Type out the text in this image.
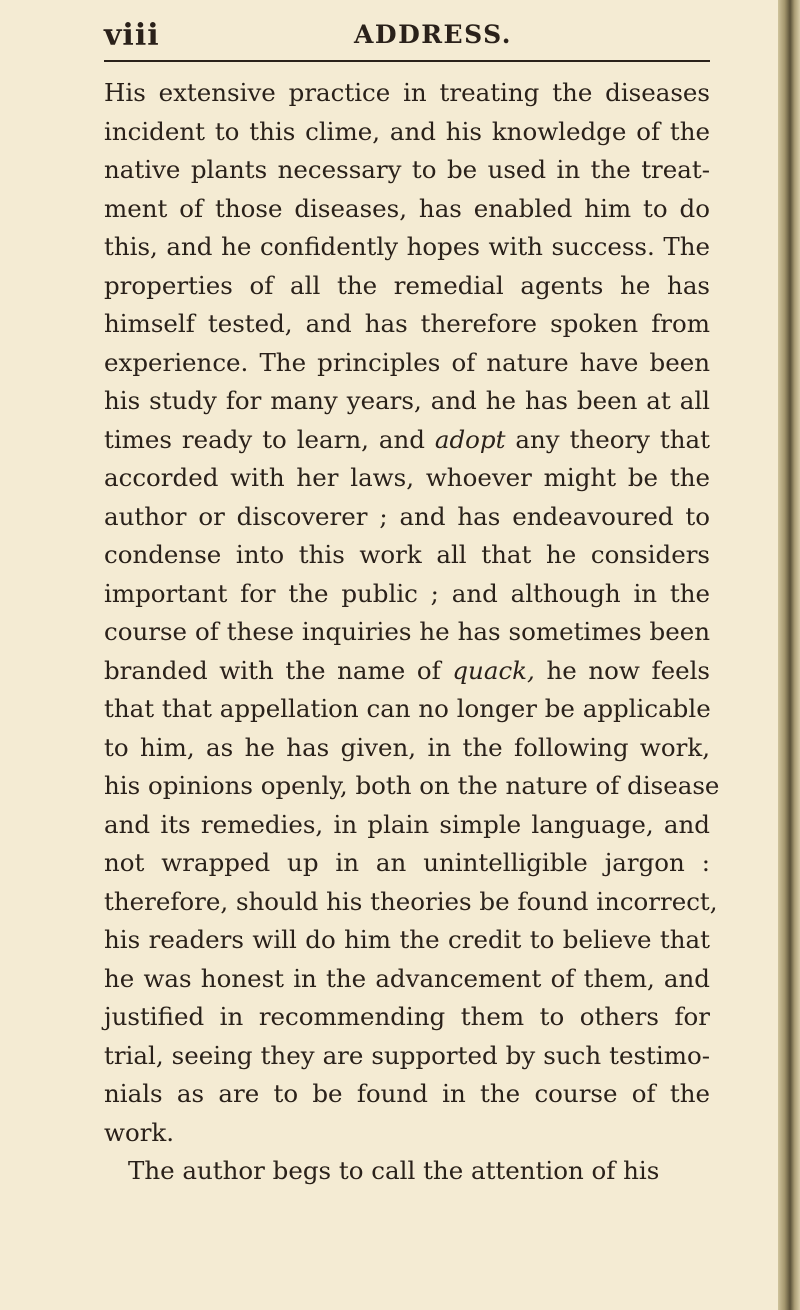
viii	ADDRESS.
His extensive practice in treating the diseases
incident to this clime, and his knowledge of the
native plants necessary to be used in the treat-
ment of those diseases, has enabled him to do
this, and he confidently hopes with success. The
properties of all the remedial agents he has
himself tested, and has therefore spoken from
experience. The principles of nature have been
his study for many years, and he has been at all
times ready to learn, and adopt any theory that
accorded with her laws, whoever might be the
author or discoverer ; and has endeavoured to
condense into this work all that he considers
important for the public ; and although in the
course of these inquiries he has sometimes been
branded with the name of quack, he now feels
that that appellation can no longer be applicable
to him, as he has given, in the following work,
his opinions openly, both on the nature of disease
and its remedies, in plain simple language, and
not wrapped up in an unintelligible jargon :
therefore, should his theories be found incorrect,
his readers will do him the credit to believe that
he was honest in the advancement of them, and
justified in recommending them to others for
trial, seeing they are supported by such testimo-
nials as are to be found in the course of the
work.
The author begs to call the attention of his
